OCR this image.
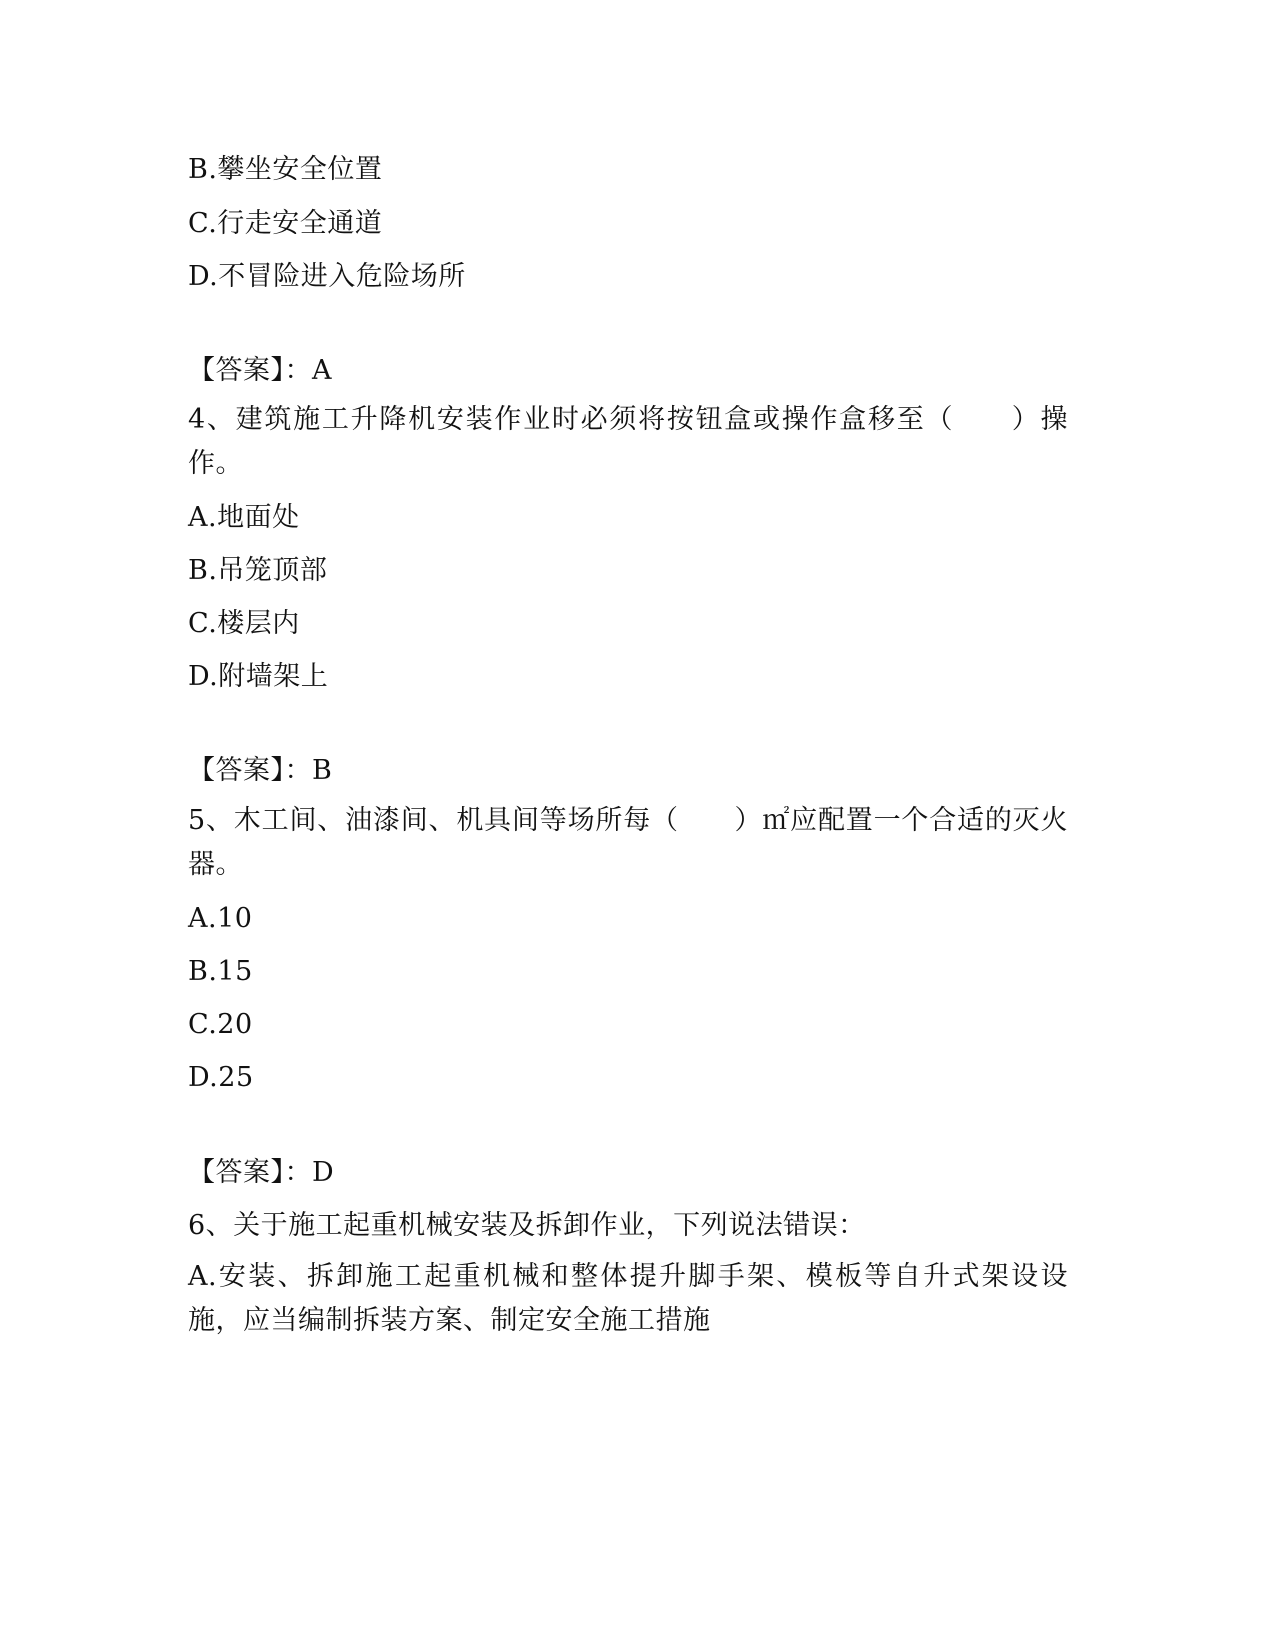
B.攀坐安全位置
C.行走安全通道
D.不冒险进入危险场所
【答案】：A
4、建筑施工升降机安装作业时必须将按钮盒或操作盒移至（　　）操作。
A.地面处
B.吊笼顶部
C.楼层内
D.附墙架上
【答案】：B
5、木工间、油漆间、机具间等场所每（　　）㎡应配置一个合适的灭火器。
A.10
B.15
C.20
D.25
【答案】：D
6、关于施工起重机械安装及拆卸作业，下列说法错误：
A.安装、拆卸施工起重机械和整体提升脚手架、模板等自升式架设设施，应当编制拆装方案、制定安全施工措施
